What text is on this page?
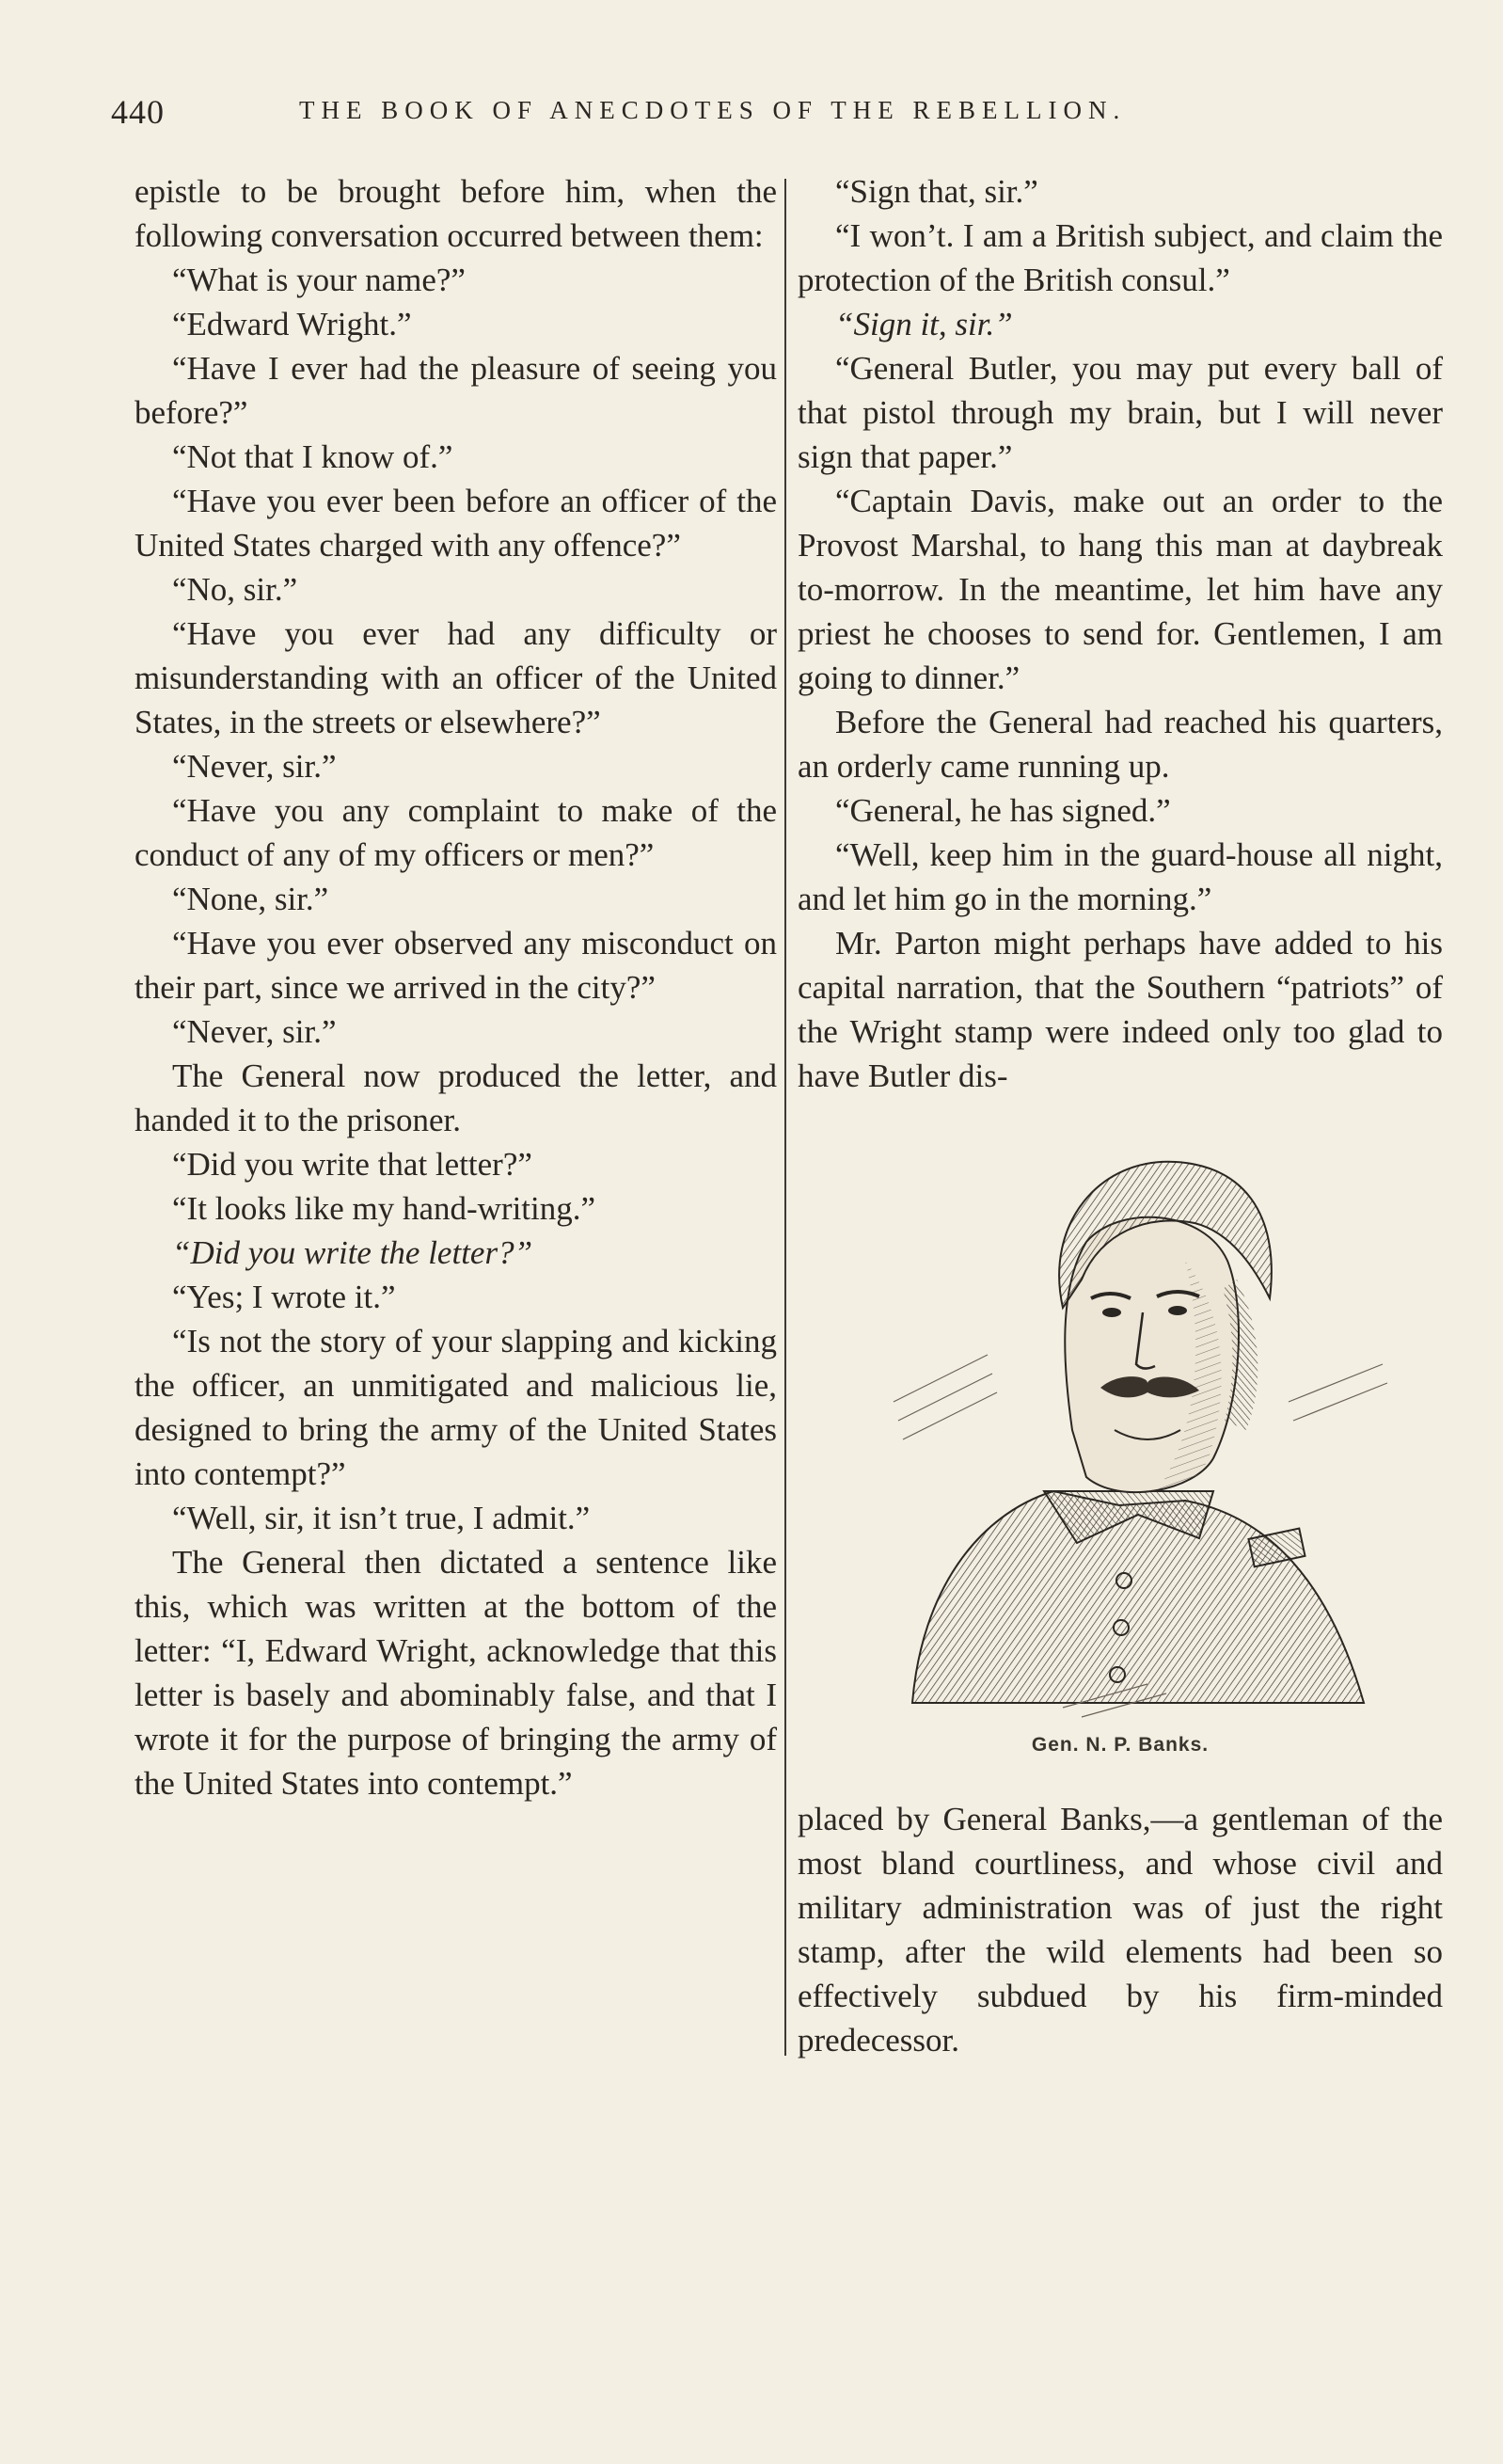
440	THE BOOK OF ANECDOTES OF THE REBELLION.

epistle to be brought before him, when the following conversation occurred between them:

“What is your name?”

“Edward Wright.”

“Have I ever had the pleasure of seeing you before?”

“Not that I know of.”

“Have you ever been before an officer of the United States charged with any offence?”

“No, sir.”

“Have you ever had any difficulty or misunderstanding with an officer of the United States, in the streets or elsewhere?”

“Never, sir.”

“Have you any complaint to make of the conduct of any of my officers or men?”

“None, sir.”

“Have you ever observed any misconduct on their part, since we arrived in the city?”

“Never, sir.”

The General now produced the letter, and handed it to the prisoner.

“Did you write that letter?”

“It looks like my hand-writing.”

“Did you write the letter?”

“Yes; I wrote it.”

“Is not the story of your slapping and kicking the officer, an unmitigated and malicious lie, designed to bring the army of the United States into contempt?”

“Well, sir, it isn’t true, I admit.”

The General then dictated a sentence like this, which was written at the bottom of the letter: “I, Edward Wright, acknowledge that this letter is basely and abominably false, and that I wrote it for the purpose of bringing the army of the United States into contempt.”

“Sign that, sir.”

“I won’t. I am a British subject, and claim the protection of the British consul.”

“Sign it, sir.”

“General Butler, you may put every ball of that pistol through my brain, but I will never sign that paper.”

“Captain Davis, make out an order to the Provost Marshal, to hang this man at daybreak to-morrow. In the meantime, let him have any priest he chooses to send for. Gentlemen, I am going to dinner.”

Before the General had reached his quarters, an orderly came running up.

“General, he has signed.”

“Well, keep him in the guard-house all night, and let him go in the morning.”

Mr. Parton might perhaps have added to his capital narration, that the Southern “patriots” of the Wright stamp were indeed only too glad to have Butler dis-

Gen. N. P. Banks.

placed by General Banks,—a gentleman of the most bland courtliness, and whose civil and military administration was of just the right stamp, after the wild elements had been so effectively subdued by his firm-minded predecessor.
